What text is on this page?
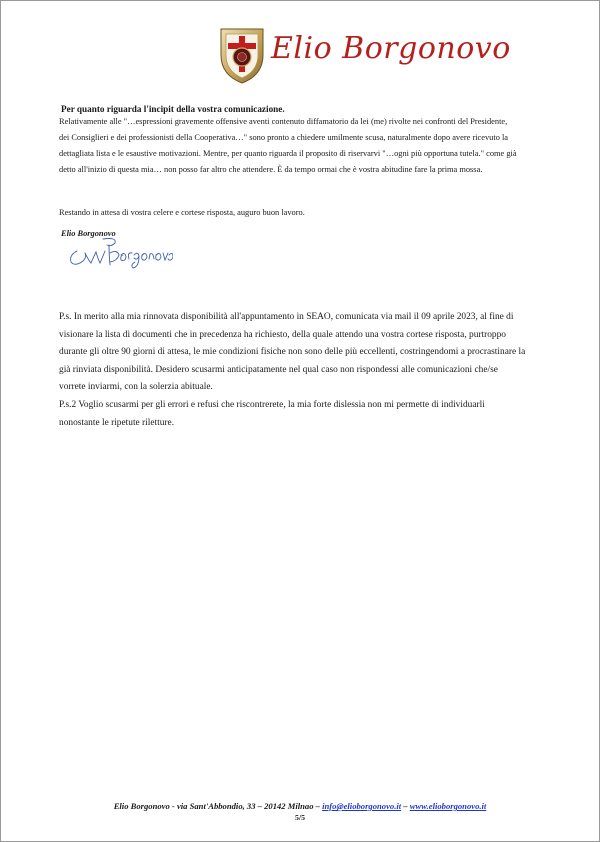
Elio Borgonovo
Per quanto riguarda l'incipit della vostra comunicazione.

Relativamente alle "…espressioni gravemente offensive aventi contenuto diffamatorio da lei (me) rivolte nei confronti del Presidente,
dei Consiglieri e dei professionisti della Cooperativa…" sono pronto a chiedere umilmente scusa, naturalmente dopo avere ricevuto la
dettagliata lista e le esaustive motivazioni. Mentre, per quanto riguarda il proposito di riservarvi "…ogni più opportuna tutela." come già
detto all'inizio di questa mia… non posso far altro che attendere. È da tempo ormai che è vostra abitudine fare la prima mossa.

Restando in attesa di vostra celere e cortese risposta, auguro buon lavoro.

Elio Borgonovo

P.s. In merito alla mia rinnovata disponibilità all'appuntamento in SEAO, comunicata via mail il 09 aprile 2023, al fine di
visionare la lista di documenti che in precedenza ha richiesto, della quale attendo una vostra cortese risposta, purtroppo
durante gli oltre 90 giorni di attesa, le mie condizioni fisiche non sono delle più eccellenti, costringendomi a procrastinare la
già rinviata disponibilità. Desidero scusarmi anticipatamente nel qual caso non rispondessi alle comunicazioni che/se
vorrete inviarmi, con la solerzia abituale.

P.s.2 Voglio scusarmi per gli errori e refusi che riscontrerete, la mia forte dislessia non mi permette di individuarli
nonostante le ripetute riletture.

Elio Borgonovo - via Sant'Abbondio, 33 – 20142 Milnao – info@elioborgonovo.it – www.elioborgonovo.it
5/5
